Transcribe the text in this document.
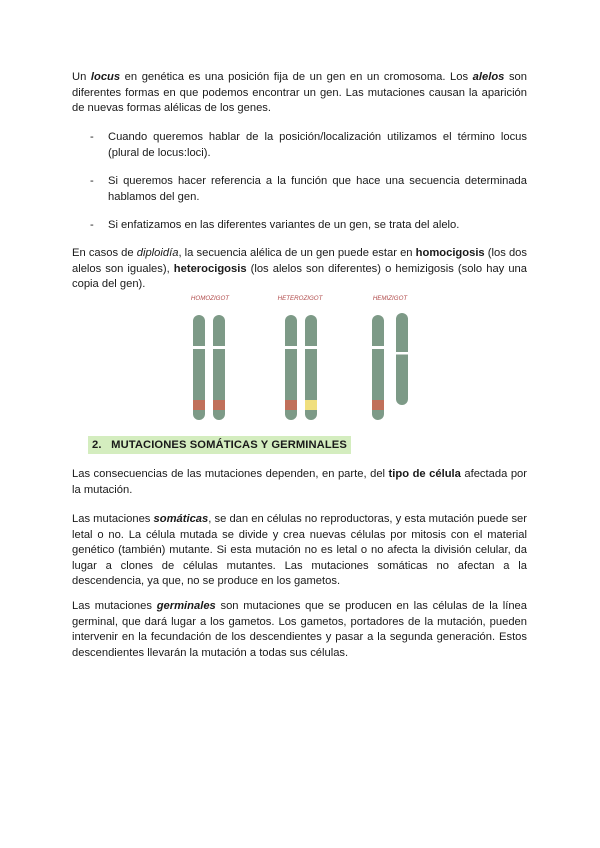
Un locus en genética es una posición fija de un gen en un cromosoma. Los alelos son diferentes formas en que podemos encontrar un gen. Las mutaciones causan la aparición de nuevas formas alélicas de los genes.

- Cuando queremos hablar de la posición/localización utilizamos el término locus (plural de locus:loci).
- Si queremos hacer referencia a la función que hace una secuencia determinada hablamos del gen.
- Si enfatizamos en las diferentes variantes de un gen, se trata del alelo.

En casos de diploidía, la secuencia alélica de un gen puede estar en homocigosis (los dos alelos son iguales), heterocigosis (los alelos son diferentes) o hemizigosis (solo hay una copia del gen).

HOMOZIGOT	HETEROZIGOT	HEMIZIGOT
2. MUTACIONES SOMÁTICAS Y GERMINALES

Las consecuencias de las mutaciones dependen, en parte, del tipo de célula afectada por la mutación.

Las mutaciones somáticas, se dan en células no reproductoras, y esta mutación puede ser letal o no. La célula mutada se divide y crea nuevas células por mitosis con el material genético (también) mutante. Si esta mutación no es letal o no afecta la división celular, da lugar a clones de células mutantes. Las mutaciones somáticas no afectan a la descendencia, ya que, no se produce en los gametos.

Las mutaciones germinales son mutaciones que se producen en las células de la línea germinal, que dará lugar a los gametos. Los gametos, portadores de la mutación, pueden intervenir en la fecundación de los descendientes y pasar a la segunda generación. Estos descendientes llevarán la mutación a todas sus células.
